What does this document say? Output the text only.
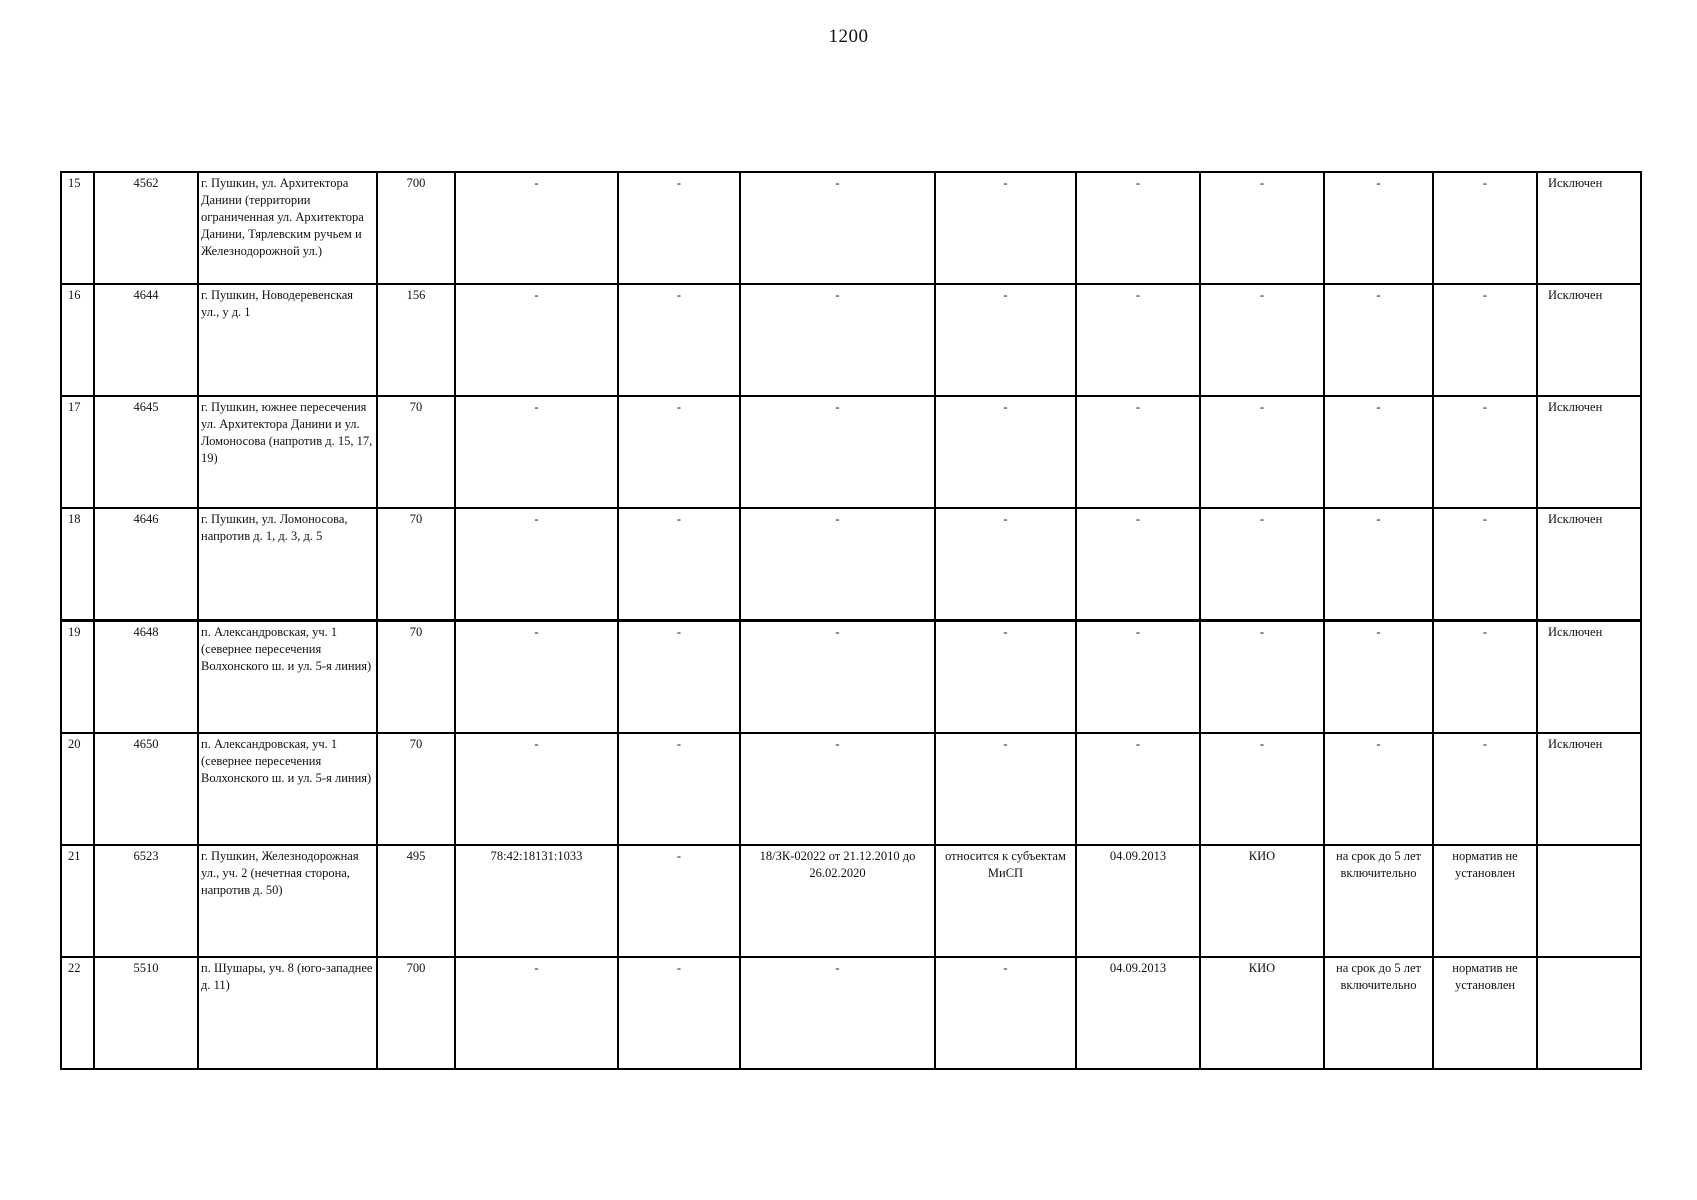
1200
15	4562	г. Пушкин, ул. Архитектора Данини (территории ограниченная ул. Архитектора Данини, Тярлевским ручьем и Железнодорожной ул.)	700	-	-	-	-	-	-	-	-	Исключен
16	4644	г. Пушкин, Новодеревенская ул., у д. 1	156	-	-	-	-	-	-	-	-	Исключен
17	4645	г. Пушкин, южнее пересечения ул. Архитектора Данини и ул. Ломоносова (напротив д. 15, 17, 19)	70	-	-	-	-	-	-	-	-	Исключен
18	4646	г. Пушкин, ул. Ломоносова, напротив д. 1, д. 3, д. 5	70	-	-	-	-	-	-	-	-	Исключен
19	4648	п. Александровская, уч. 1 (севернее пересечения Волхонского ш. и ул. 5-я линия)	70	-	-	-	-	-	-	-	-	Исключен
20	4650	п. Александровская, уч. 1 (севернее пересечения Волхонского ш. и ул. 5-я линия)	70	-	-	-	-	-	-	-	-	Исключен
21	6523	г. Пушкин, Железнодорожная ул., уч. 2 (нечетная сторона, напротив д. 50)	495	78:42:18131:1033	-	18/ЗК-02022 от 21.12.2010 до 26.02.2020	относится к субъектам МиСП	04.09.2013	КИО	на срок до 5 лет включительно	норматив не установлен	
22	5510	п. Шушары, уч. 8 (юго-западнее д. 11)	700	-	-	-	-	04.09.2013	КИО	на срок до 5 лет включительно	норматив не установлен	
